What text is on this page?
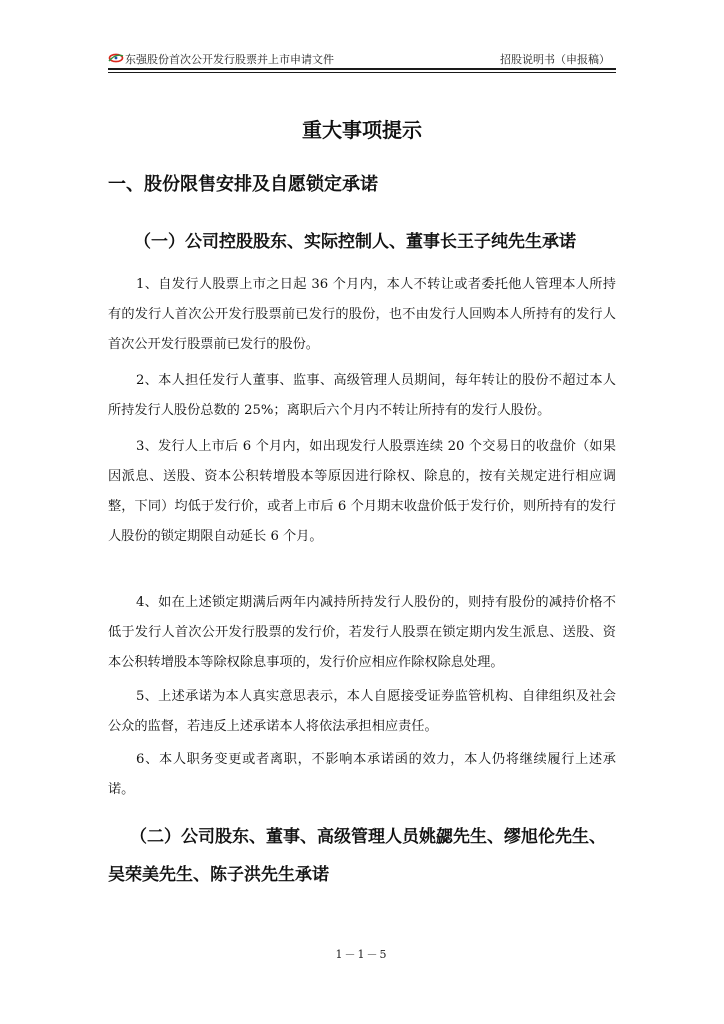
东强股份首次公开发行股票并上市申请文件	招股说明书（申报稿）
重大事项提示
一、股份限售安排及自愿锁定承诺
（一）公司控股股东、实际控制人、董事长王子纯先生承诺
1、自发行人股票上市之日起 36 个月内，本人不转让或者委托他人管理本人所持有的发行人首次公开发行股票前已发行的股份，也不由发行人回购本人所持有的发行人首次公开发行股票前已发行的股份。
2、本人担任发行人董事、监事、高级管理人员期间，每年转让的股份不超过本人所持发行人股份总数的 25%；离职后六个月内不转让所持有的发行人股份。
3、发行人上市后 6 个月内，如出现发行人股票连续 20 个交易日的收盘价（如果因派息、送股、资本公积转增股本等原因进行除权、除息的，按有关规定进行相应调整，下同）均低于发行价，或者上市后 6 个月期末收盘价低于发行价，则所持有的发行人股份的锁定期限自动延长 6 个月。
4、如在上述锁定期满后两年内减持所持发行人股份的，则持有股份的减持价格不低于发行人首次公开发行股票的发行价，若发行人股票在锁定期内发生派息、送股、资本公积转增股本等除权除息事项的，发行价应相应作除权除息处理。
5、上述承诺为本人真实意思表示，本人自愿接受证券监管机构、自律组织及社会公众的监督，若违反上述承诺本人将依法承担相应责任。
6、本人职务变更或者离职，不影响本承诺函的效力，本人仍将继续履行上述承诺。
（二）公司股东、董事、高级管理人员姚勰先生、缪旭伦先生、吴荣美先生、陈子洪先生承诺
1－1－5
